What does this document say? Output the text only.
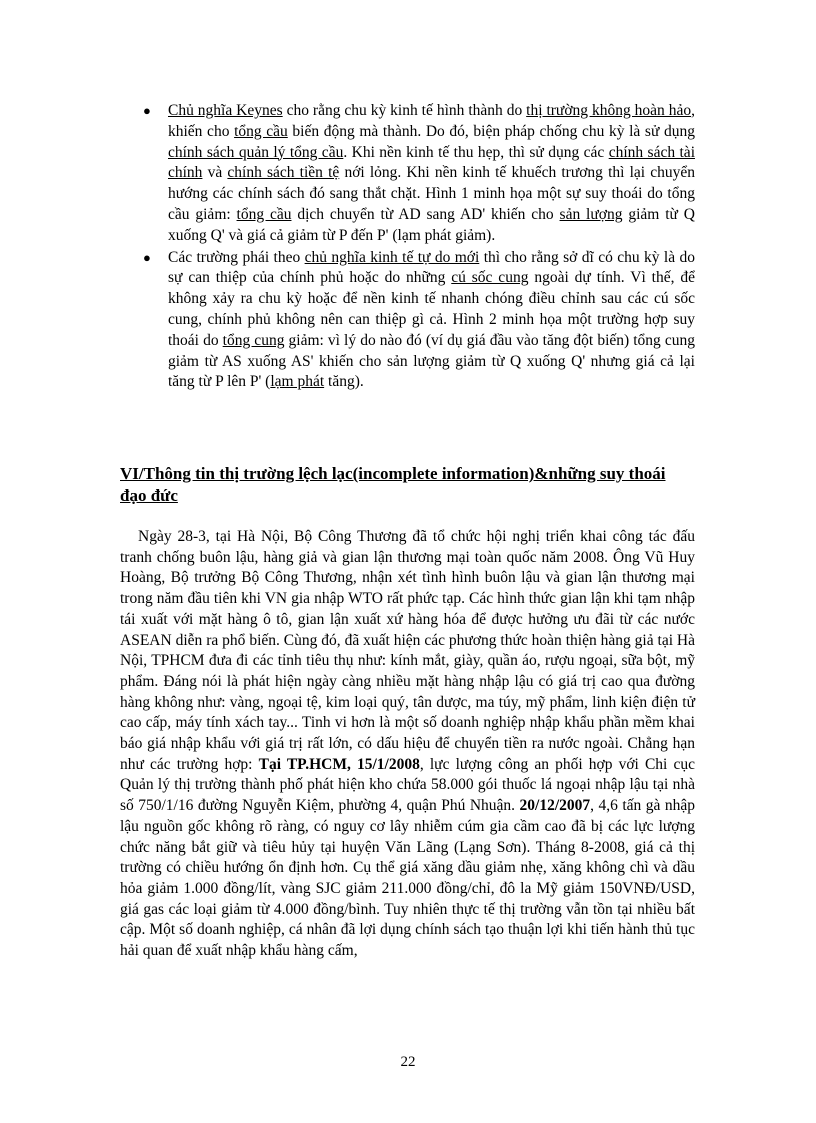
● Chủ nghĩa Keynes cho rằng chu kỳ kinh tế hình thành do thị trường không hoàn hảo, khiến cho tổng cầu biến động mà thành. Do đó, biện pháp chống chu kỳ là sử dụng chính sách quản lý tổng cầu. Khi nền kinh tế thu hẹp, thì sử dụng các chính sách tài chính và chính sách tiền tệ nới lỏng. Khi nền kinh tế khuếch trương thì lại chuyển hướng các chính sách đó sang thắt chặt. Hình 1 minh họa một sự suy thoái do tổng cầu giảm: tổng cầu dịch chuyển từ AD sang AD' khiến cho sản lượng giảm từ Q xuống Q' và giá cả giảm từ P đến P' (lạm phát giảm).
● Các trường phái theo chủ nghĩa kinh tế tự do mới thì cho rằng sở dĩ có chu kỳ là do sự can thiệp của chính phủ hoặc do những cú sốc cung ngoài dự tính. Vì thế, để không xảy ra chu kỳ hoặc để nền kinh tế nhanh chóng điều chỉnh sau các cú sốc cung, chính phủ không nên can thiệp gì cả. Hình 2 minh họa một trường hợp suy thoái do tổng cung giảm: vì lý do nào đó (ví dụ giá đầu vào tăng đột biến) tổng cung giảm từ AS xuống AS' khiến cho sản lượng giảm từ Q xuống Q' nhưng giá cả lại tăng từ P lên P' (lạm phát tăng).
VI/Thông tin thị trường lệch lạc(incomplete information)&những suy thoái đạo đức

Ngày 28-3, tại Hà Nội, Bộ Công Thương đã tổ chức hội nghị triển khai công tác đấu tranh chống buôn lậu, hàng giả và gian lận thương mại toàn quốc năm 2008. Ông Vũ Huy Hoàng, Bộ trưởng Bộ Công Thương, nhận xét tình hình buôn lậu và gian lận thương mại trong năm đầu tiên khi VN gia nhập WTO rất phức tạp. Các hình thức gian lận khi tạm nhập tái xuất với mặt hàng ô tô, gian lận xuất xứ hàng hóa để được hưởng ưu đãi từ các nước ASEAN diễn ra phổ biến. Cùng đó, đã xuất hiện các phương thức hoàn thiện hàng giả tại Hà Nội, TPHCM đưa đi các tỉnh tiêu thụ như: kính mắt, giày, quần áo, rượu ngoại, sữa bột, mỹ phẩm. Đáng nói là phát hiện ngày càng nhiều mặt hàng nhập lậu có giá trị cao qua đường hàng không như: vàng, ngoại tệ, kim loại quý, tân dược, ma túy, mỹ phẩm, linh kiện điện tử cao cấp, máy tính xách tay... Tinh vi hơn là một số doanh nghiệp nhập khẩu phần mềm khai báo giá nhập khẩu với giá trị rất lớn, có dấu hiệu để chuyển tiền ra nước ngoài. Chẳng hạn như các trường hợp: Tại TP.HCM, 15/1/2008, lực lượng công an phối hợp với Chi cục Quản lý thị trường thành phố phát hiện kho chứa 58.000 gói thuốc lá ngoại nhập lậu tại nhà số 750/1/16 đường Nguyễn Kiệm, phường 4, quận Phú Nhuận. 20/12/2007, 4,6 tấn gà nhập lậu nguồn gốc không rõ ràng, có nguy cơ lây nhiễm cúm gia cầm cao đã bị các lực lượng chức năng bắt giữ và tiêu hủy tại huyện Văn Lãng (Lạng Sơn). Tháng 8-2008, giá cả thị trường có chiều hướng ổn định hơn. Cụ thể giá xăng dầu giảm nhẹ, xăng không chì và dầu hỏa giảm 1.000 đồng/lít, vàng SJC giảm 211.000 đồng/chỉ, đô la Mỹ giảm 150VNĐ/USD, giá gas các loại giảm từ 4.000 đồng/bình. Tuy nhiên thực tế thị trường vẫn tồn tại nhiều bất cập. Một số doanh nghiệp, cá nhân đã lợi dụng chính sách tạo thuận lợi khi tiến hành thủ tục hải quan để xuất nhập khẩu hàng cấm,

22
